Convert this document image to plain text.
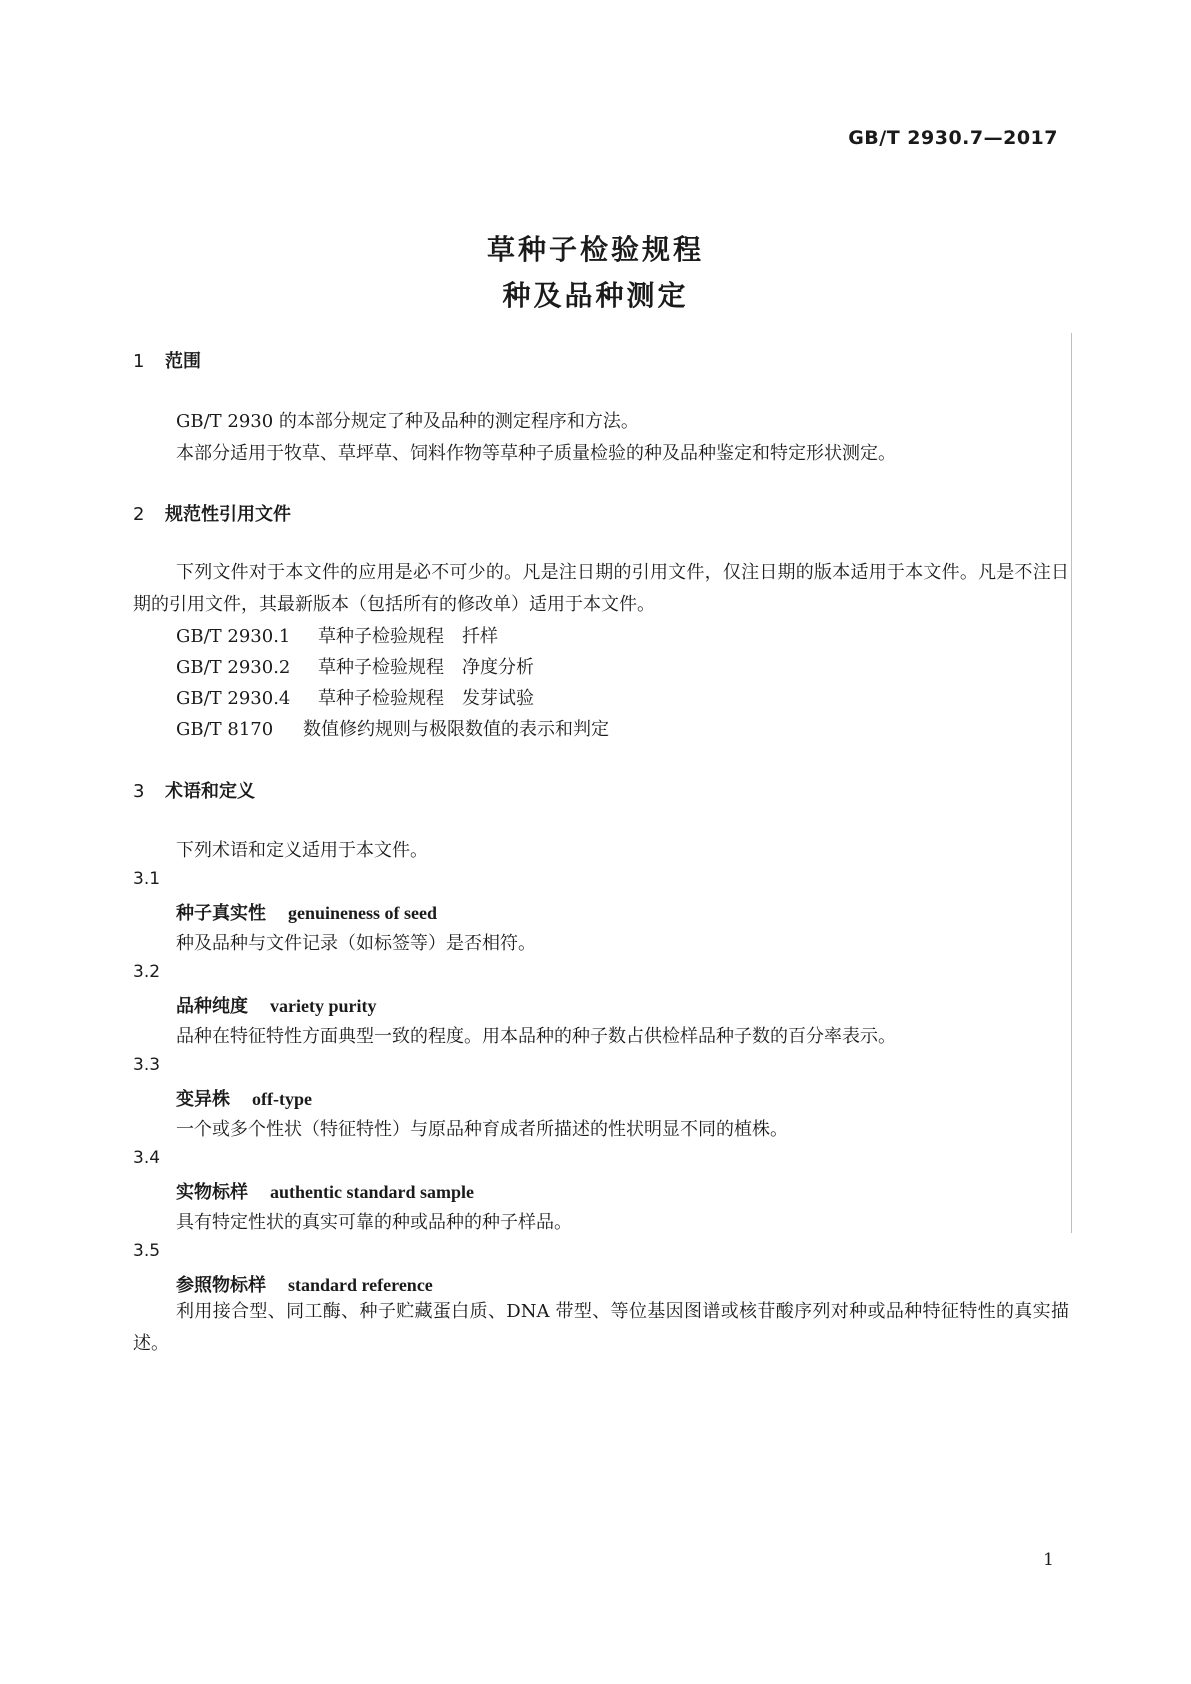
GB/T 2930.7—2017
草种子检验规程
种及品种测定
1 范围
GB/T 2930 的本部分规定了种及品种的测定程序和方法。
本部分适用于牧草、草坪草、饲料作物等草种子质量检验的种及品种鉴定和特定形状测定。
2 规范性引用文件
下列文件对于本文件的应用是必不可少的。凡是注日期的引用文件，仅注日期的版本适用于本文件。凡是不注日期的引用文件，其最新版本（包括所有的修改单）适用于本文件。
GB/T 2930.1 草种子检验规程　扦样
GB/T 2930.2 草种子检验规程　净度分析
GB/T 2930.4 草种子检验规程　发芽试验
GB/T 8170 数值修约规则与极限数值的表示和判定
3 术语和定义
下列术语和定义适用于本文件。
3.1
种子真实性 genuineness of seed
种及品种与文件记录（如标签等）是否相符。
3.2
品种纯度 variety purity
品种在特征特性方面典型一致的程度。用本品种的种子数占供检样品种子数的百分率表示。
3.3
变异株 off-type
一个或多个性状（特征特性）与原品种育成者所描述的性状明显不同的植株。
3.4
实物标样 authentic standard sample
具有特定性状的真实可靠的种或品种的种子样品。
3.5
参照物标样 standard reference
利用接合型、同工酶、种子贮藏蛋白质、DNA 带型、等位基因图谱或核苷酸序列对种或品种特征特性的真实描述。
1
